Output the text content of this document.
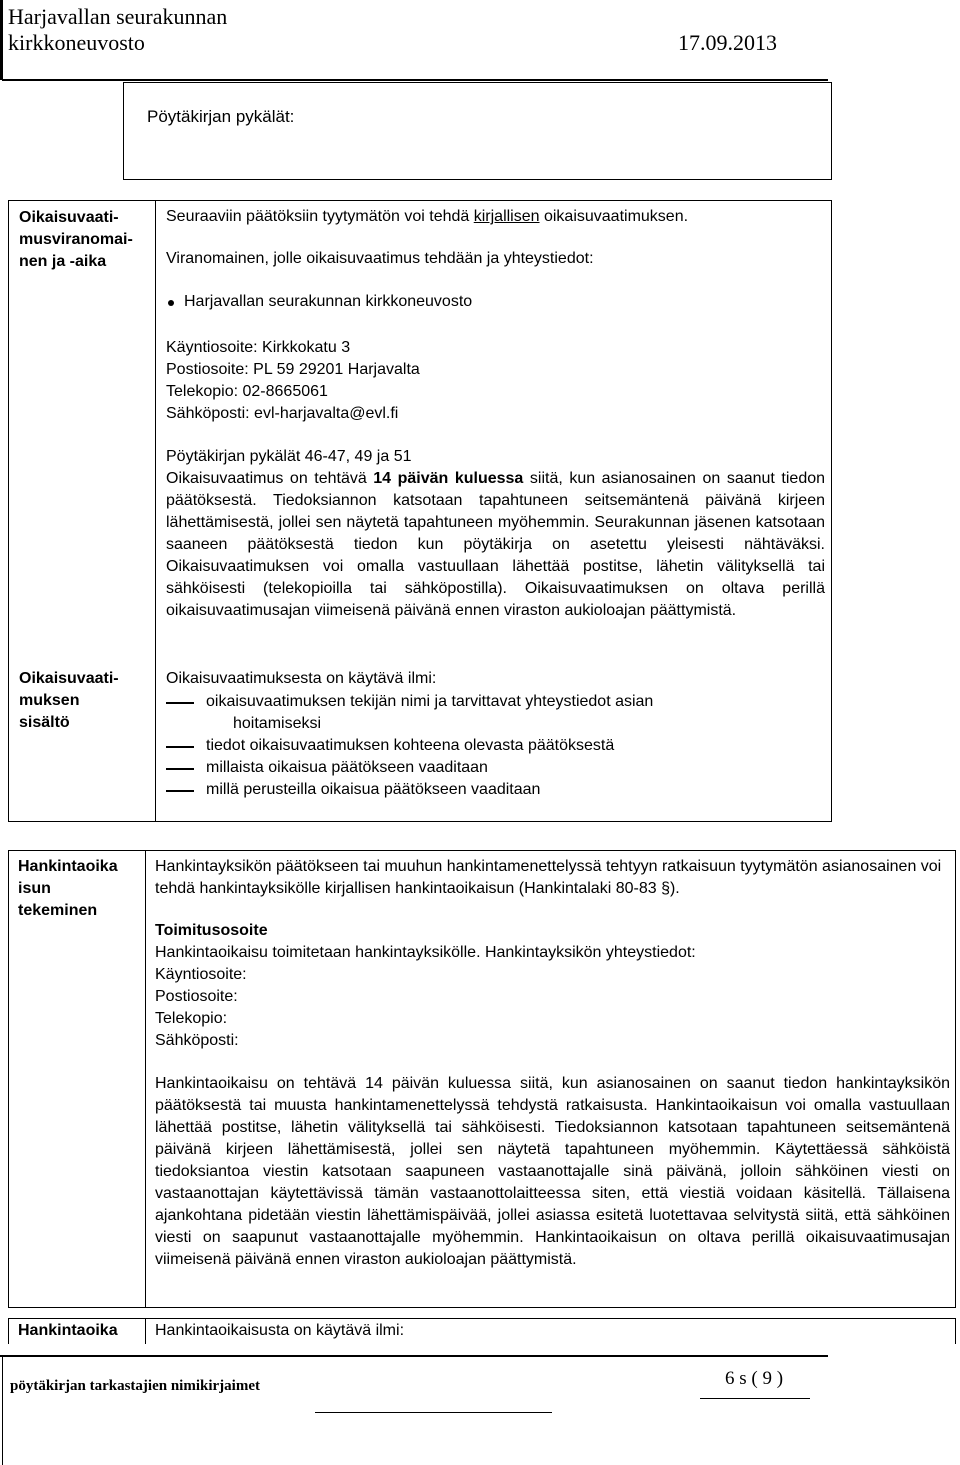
Harjavallan seurakunnan
kirkkoneuvosto	17.09.2013
Pöytäkirjan pykälät:
Oikaisuvaati-
musviranomai-
nen ja -aika
Oikaisuvaati-
muksen
sisältö
Seuraaviin päätöksiin tyytymätön voi tehdä kirjallisen oikaisuvaatimuksen.
Viranomainen, jolle oikaisuvaatimus tehdään ja yhteystiedot:
Harjavallan seurakunnan kirkkoneuvosto
Käyntiosoite: Kirkkokatu 3
Postiosoite: PL 59 29201 Harjavalta
Telekopio: 02-8665061
Sähköposti: evl-harjavalta@evl.fi
Pöytäkirjan pykälät 46-47, 49 ja 51
Oikaisuvaatimus on tehtävä 14 päivän kuluessa siitä, kun asianosainen on saanut tiedon päätöksestä. Tiedoksiannon katsotaan tapahtuneen seitsemäntenä päivänä kirjeen lähettämisestä, jollei sen näytetä tapahtuneen myöhemmin. Seurakunnan jäsenen katsotaan saaneen päätöksestä tiedon kun pöytäkirja on asetettu yleisesti nähtäväksi. Oikaisuvaatimuksen voi omalla vastuullaan lähettää postitse, lähetin välityksellä tai sähköisesti (telekopioilla tai sähköpostilla). Oikaisuvaatimuksen on oltava perillä oikaisuvaatimusajan viimeisenä päivänä ennen viraston aukioloajan päättymistä.
Oikaisuvaatimuksesta on käytävä ilmi:
oikaisuvaatimuksen tekijän nimi ja tarvittavat yhteystiedot asian
hoitamiseksi
tiedot oikaisuvaatimuksen kohteena olevasta päätöksestä
millaista oikaisua päätökseen vaaditaan
millä perusteilla oikaisua päätökseen vaaditaan
Hankintaoika
isun
tekeminen
Hankintayksikön päätökseen tai muuhun hankintamenettelyssä tehtyyn ratkaisuun tyytymätön asianosainen voi tehdä hankintayksikölle kirjallisen hankintaoikaisun (Hankintalaki 80-83 §).
Toimitusosoite
Hankintaoikaisu toimitetaan hankintayksikölle. Hankintayksikön yhteystiedot:
Käyntiosoite:
Postiosoite:
Telekopio:
Sähköposti:
Hankintaoikaisu on tehtävä 14 päivän kuluessa siitä, kun asianosainen on saanut tiedon hankintayksikön päätöksestä tai muusta hankintamenettelyssä tehdystä ratkaisusta. Hankintaoikaisun voi omalla vastuullaan lähettää postitse, lähetin välityksellä tai sähköisesti. Tiedoksiannon katsotaan tapahtuneen seitsemäntenä päivänä kirjeen lähettämisestä, jollei sen näytetä tapahtuneen myöhemmin. Käytettäessä sähköistä tiedoksiantoa viestin katsotaan saapuneen vastaanottajalle sinä päivänä, jolloin sähköinen viesti on vastaanottajan käytettävissä tämän vastaanottolaitteessa siten, että viestiä voidaan käsitellä. Tällaisena ajankohtana pidetään viestin lähettämispäivää, jollei asiassa esitetä luotettavaa selvitystä siitä, että sähköinen viesti on saapunut vastaanottajalle myöhemmin. Hankintaoikaisun on oltava perillä oikaisuvaatimusajan viimeisenä päivänä ennen viraston aukioloajan päättymistä.
Hankintaoika Hankintaoikaisusta on käytävä ilmi:
pöytäkirjan tarkastajien nimikirjaimet	6 s ( 9 )
